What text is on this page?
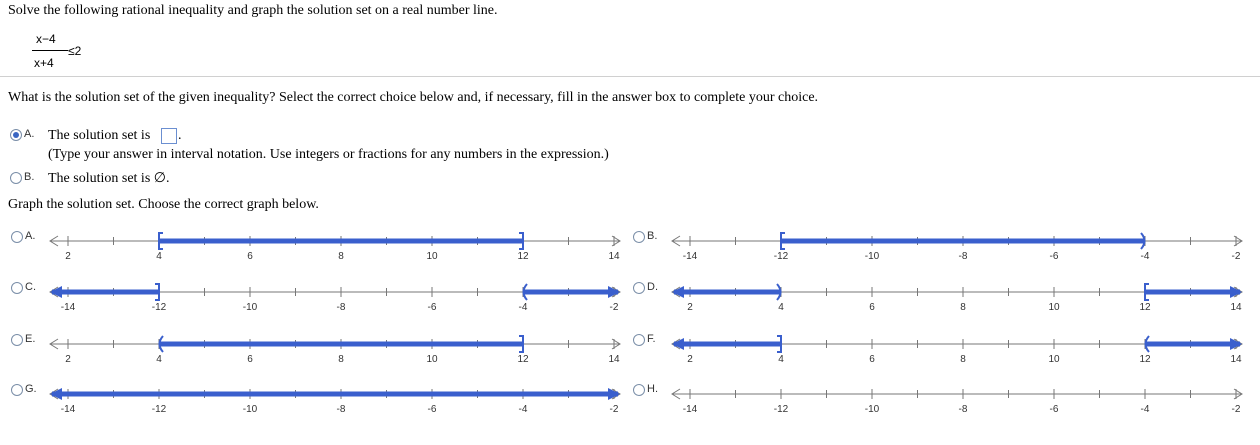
Solve the following rational inequality and graph the solution set on a real number line.
x−4
≤2
x+4
What is the solution set of the given inequality? Select the correct choice below and, if necessary, fill in the answer box to complete your choice.
A. The solution set is .
(Type your answer in interval notation. Use integers or fractions for any numbers in the expression.)
B. The solution set is ∅.
Graph the solution set. Choose the correct graph below.
A.
2	4	6	8	10	12	14
B.
-14	-12	-10	-8	-6	-4	-2
C.
-14	-12	-10	-8	-6	-4	-2
D.
2	4	6	8	10	12	14
E.
2	4	6	8	10	12	14
F.
2	4	6	8	10	12	14
G.
-14	-12	-10	-8	-6	-4	-2
H.
-14	-12	-10	-8	-6	-4	-2
